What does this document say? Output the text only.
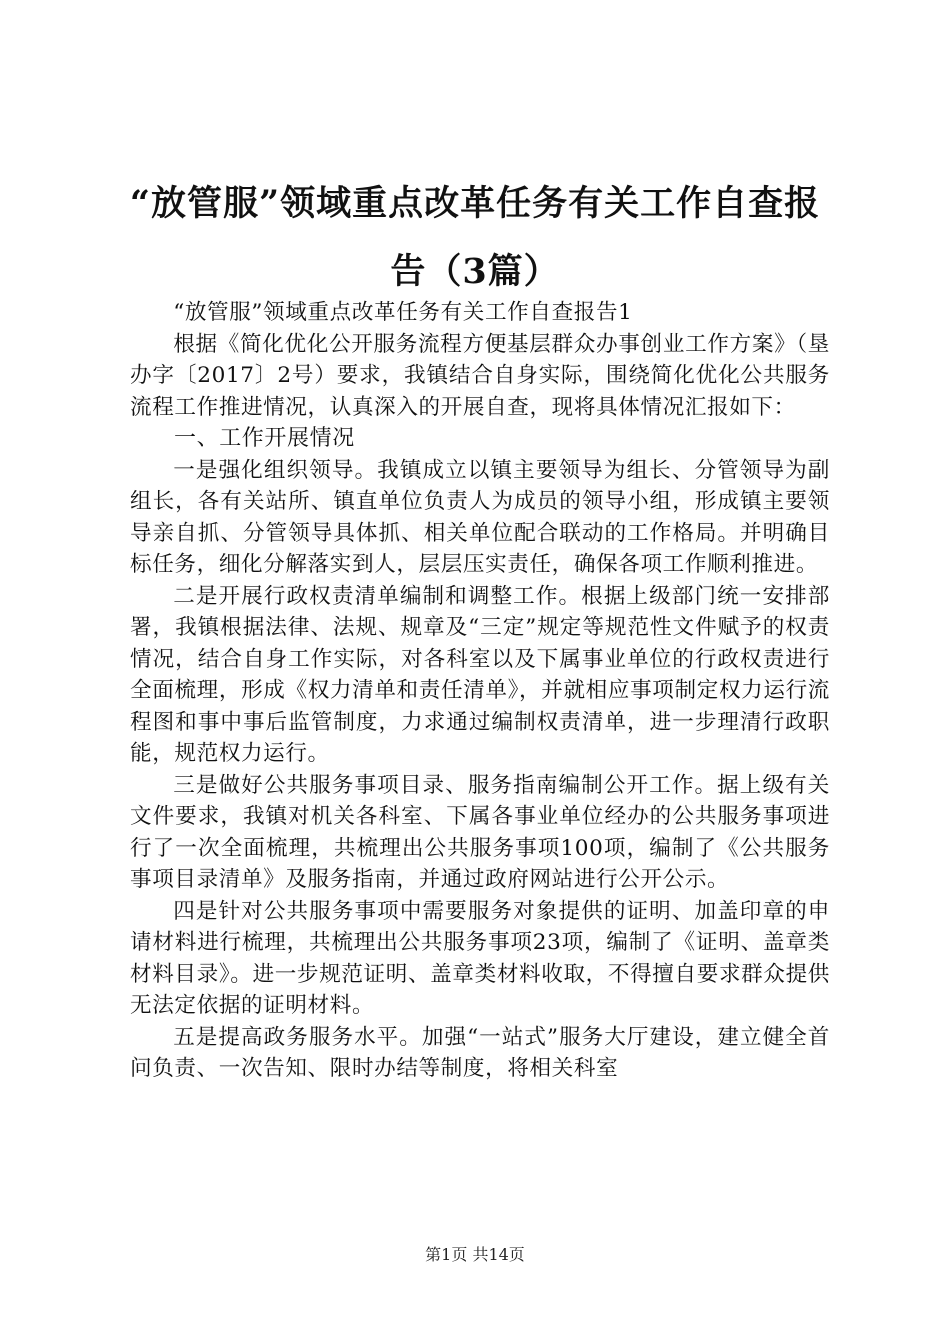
“放管服”领域重点改革任务有关工作自查报告（3篇）

“放管服”领域重点改革任务有关工作自查报告1

根据《简化优化公开服务流程方便基层群众办事创业工作方案》（垦办字〔2017〕2号）要求，我镇结合自身实际，围绕简化优化公共服务流程工作推进情况，认真深入的开展自查，现将具体情况汇报如下：

一、工作开展情况

一是强化组织领导。我镇成立以镇主要领导为组长、分管领导为副组长，各有关站所、镇直单位负责人为成员的领导小组，形成镇主要领导亲自抓、分管领导具体抓、相关单位配合联动的工作格局。并明确目标任务，细化分解落实到人，层层压实责任，确保各项工作顺利推进。

二是开展行政权责清单编制和调整工作。根据上级部门统一安排部署，我镇根据法律、法规、规章及“三定”规定等规范性文件赋予的权责情况，结合自身工作实际，对各科室以及下属事业单位的行政权责进行全面梳理，形成《权力清单和责任清单》，并就相应事项制定权力运行流程图和事中事后监管制度，力求通过编制权责清单，进一步理清行政职能，规范权力运行。

三是做好公共服务事项目录、服务指南编制公开工作。据上级有关文件要求，我镇对机关各科室、下属各事业单位经办的公共服务事项进行了一次全面梳理，共梳理出公共服务事项100项，编制了《公共服务事项目录清单》及服务指南，并通过政府网站进行公开公示。

四是针对公共服务事项中需要服务对象提供的证明、加盖印章的申请材料进行梳理，共梳理出公共服务事项23项，编制了《证明、盖章类材料目录》。进一步规范证明、盖章类材料收取，不得擅自要求群众提供无法定依据的证明材料。

五是提高政务服务水平。加强“一站式”服务大厅建设，建立健全首问负责、一次告知、限时办结等制度，将相关科室

第1页 共14页
